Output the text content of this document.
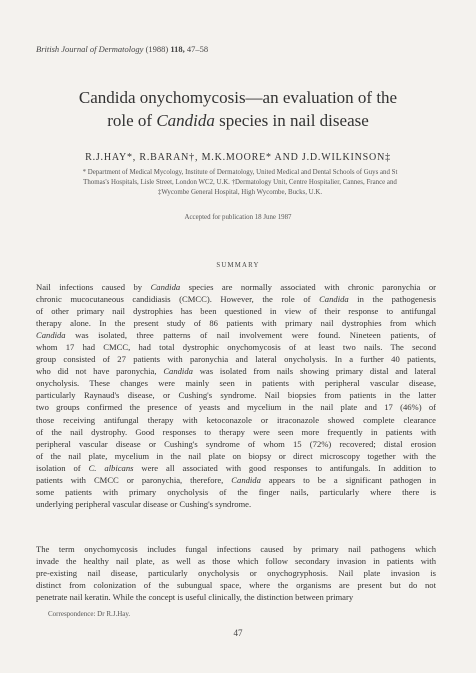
British Journal of Dermatology (1988) 118, 47–58
Candida onychomycosis—an evaluation of the
role of Candida species in nail disease
R.J.HAY*, R.BARAN†, M.K.MOORE* AND J.D.WILKINSON‡
* Department of Medical Mycology, Institute of Dermatology, United Medical and Dental Schools of Guys and St
Thomas's Hospitals, Lisle Street, London WC2, U.K. †Dermatology Unit, Centre Hospitalier, Cannes, France and
‡Wycombe General Hospital, High Wycombe, Bucks, U.K.
Accepted for publication 18 June 1987
SUMMARY
Nail infections caused by Candida species are normally associated with chronic paronychia or
chronic mucocutaneous candidiasis (CMCC). However, the role of Candida in the pathogenesis
of other primary nail dystrophies has been questioned in view of their response to antifungal
therapy alone. In the present study of 86 patients with primary nail dystrophies from which
Candida was isolated, three patterns of nail involvement were found. Nineteen patients, of
whom 17 had CMCC, had total dystrophic onychomycosis of at least two nails. The second
group consisted of 27 patients with paronychia and lateral onycholysis. In a further 40 patients,
who did not have paronychia, Candida was isolated from nails showing primary distal and lateral
onycholysis. These changes were mainly seen in patients with peripheral vascular disease,
particularly Raynaud's disease, or Cushing's syndrome. Nail biopsies from patients in the latter
two groups confirmed the presence of yeasts and mycelium in the nail plate and 17 (46%) of
those receiving antifungal therapy with ketoconazole or itraconazole showed complete clearance
of the nail dystrophy. Good responses to therapy were seen more frequently in patients with
peripheral vascular disease or Cushing's syndrome of whom 15 (72%) recovered; distal erosion
of the nail plate, mycelium in the nail plate on biopsy or direct microscopy together with the
isolation of C. albicans were all associated with good responses to antifungals. In addition to
patients with CMCC or paronychia, therefore, Candida appears to be a significant pathogen in
some patients with primary onycholysis of the finger nails, particularly where there is
underlying peripheral vascular disease or Cushing's syndrome.
The term onychomycosis includes fungal infections caused by primary nail pathogens which
invade the healthy nail plate, as well as those which follow secondary invasion in patients with
pre-existing nail disease, particularly onycholysis or onychogryphosis. Nail plate invasion is
distinct from colonization of the subungual space, where the organisms are present but do not
penetrate nail keratin. While the concept is useful clinically, the distinction between primary
Correspondence: Dr R.J.Hay.
47
